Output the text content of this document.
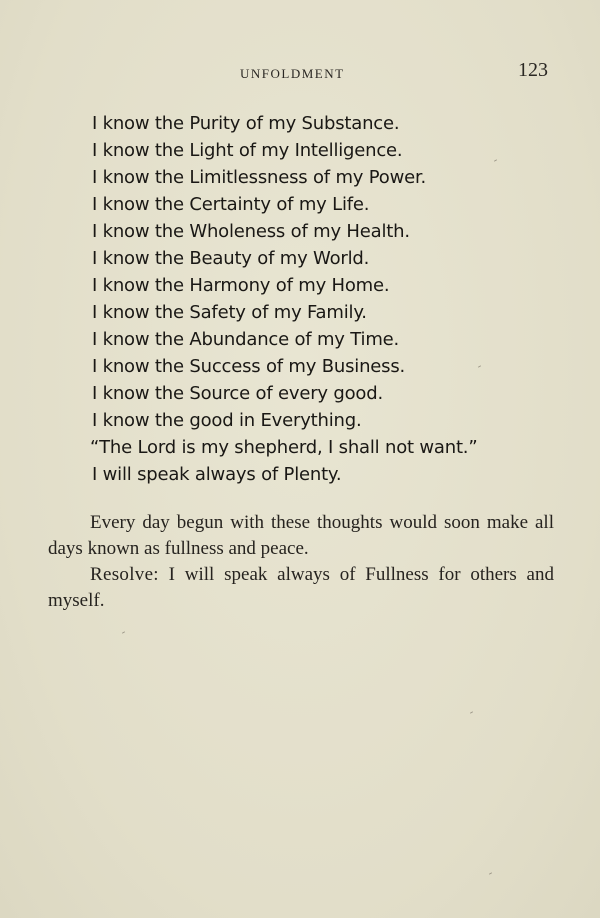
UNFOLDMENT	123
I know the Purity of my Substance.
I know the Light of my Intelligence.
I know the Limitlessness of my Power.
I know the Certainty of my Life.
I know the Wholeness of my Health.
I know the Beauty of my World.
I know the Harmony of my Home.
I know the Safety of my Family.
I know the Abundance of my Time.
I know the Success of my Business.
I know the Source of every good.
I know the good in Everything.
“The Lord is my shepherd, I shall not want.”
I will speak always of Plenty.

Every day begun with these thoughts would soon make all days known as fullness and peace.

Resolve: I will speak always of Fullness for others and myself.
